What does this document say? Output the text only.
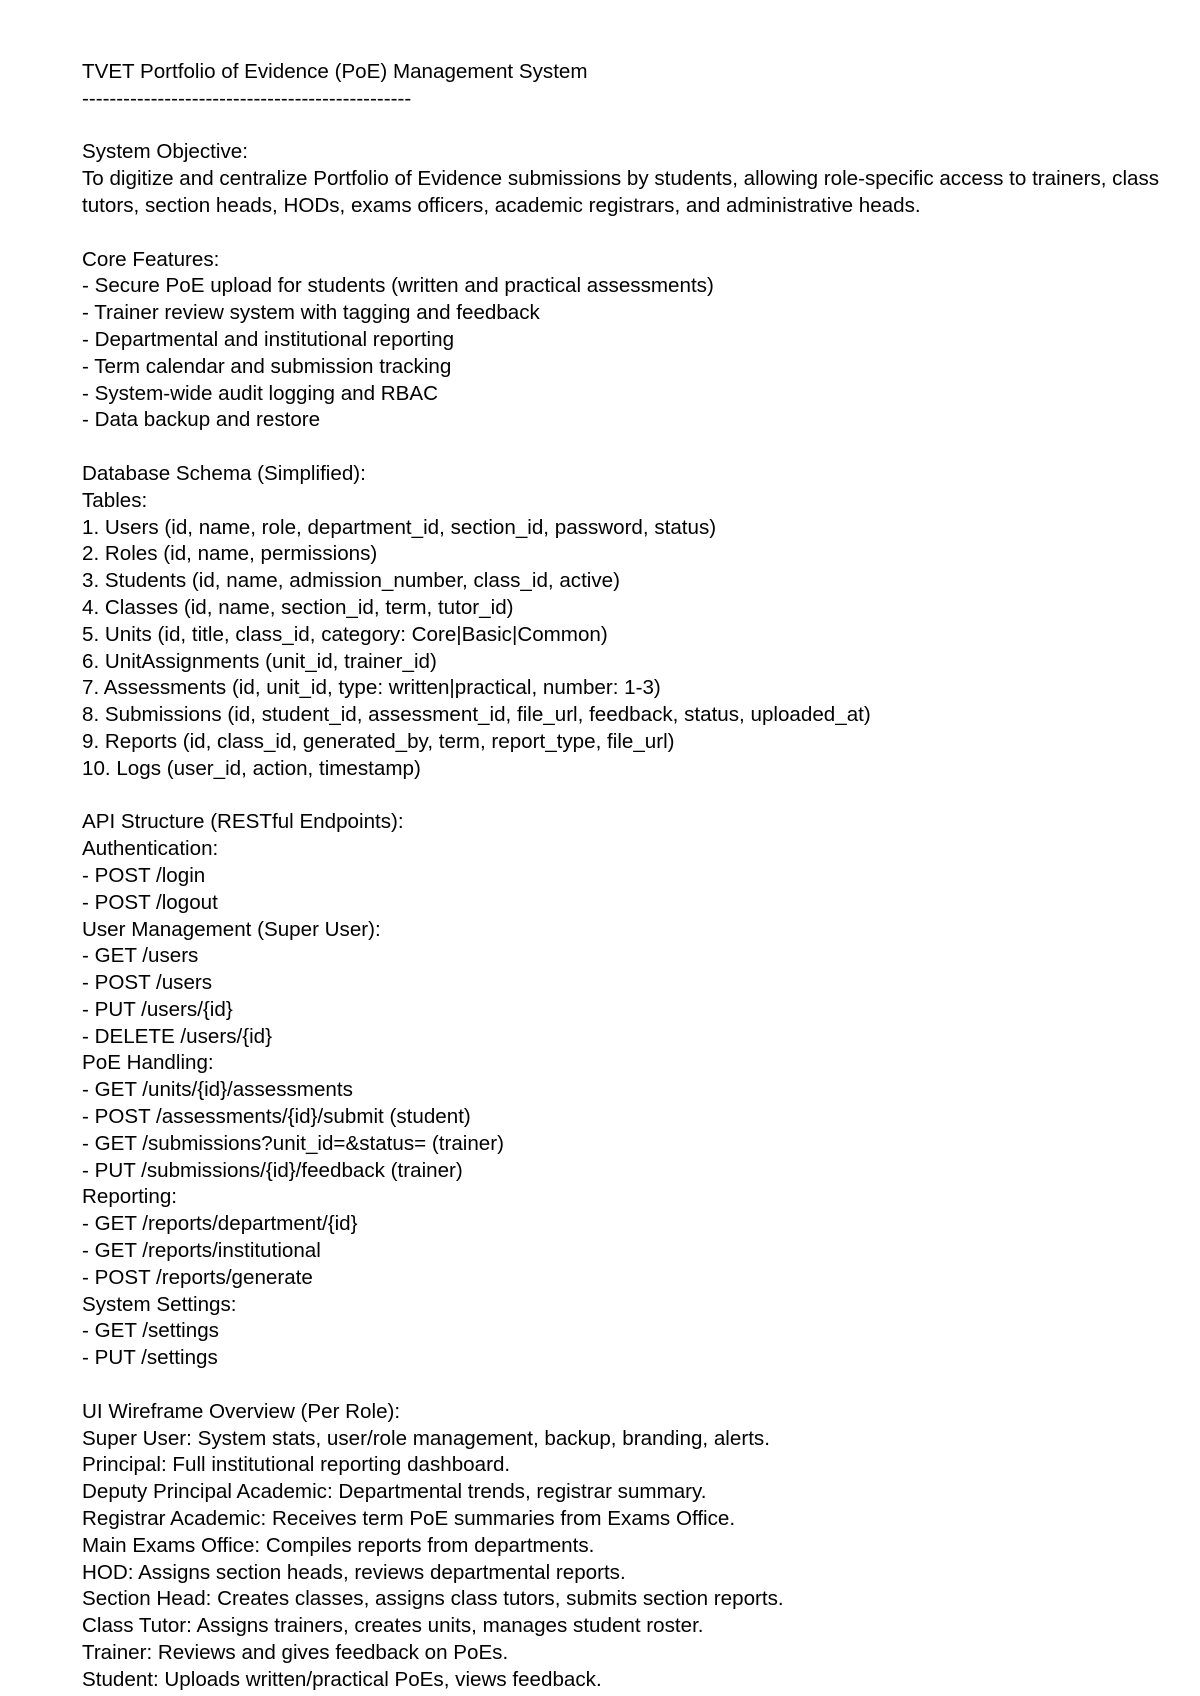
TVET Portfolio of Evidence (PoE) Management System
------------------------------------------------
System Objective:
To digitize and centralize Portfolio of Evidence submissions by students, allowing role-specific access to trainers, class tutors, section heads, HODs, exams officers, academic registrars, and administrative heads.
Core Features:
- Secure PoE upload for students (written and practical assessments)
- Trainer review system with tagging and feedback
- Departmental and institutional reporting
- Term calendar and submission tracking
- System-wide audit logging and RBAC
- Data backup and restore
Database Schema (Simplified):
Tables:
1. Users (id, name, role, department_id, section_id, password, status)
2. Roles (id, name, permissions)
3. Students (id, name, admission_number, class_id, active)
4. Classes (id, name, section_id, term, tutor_id)
5. Units (id, title, class_id, category: Core|Basic|Common)
6. UnitAssignments (unit_id, trainer_id)
7. Assessments (id, unit_id, type: written|practical, number: 1-3)
8. Submissions (id, student_id, assessment_id, file_url, feedback, status, uploaded_at)
9. Reports (id, class_id, generated_by, term, report_type, file_url)
10. Logs (user_id, action, timestamp)
API Structure (RESTful Endpoints):
Authentication:
- POST /login
- POST /logout
User Management (Super User):
- GET /users
- POST /users
- PUT /users/{id}
- DELETE /users/{id}
PoE Handling:
- GET /units/{id}/assessments
- POST /assessments/{id}/submit (student)
- GET /submissions?unit_id=&status= (trainer)
- PUT /submissions/{id}/feedback (trainer)
Reporting:
- GET /reports/department/{id}
- GET /reports/institutional
- POST /reports/generate
System Settings:
- GET /settings
- PUT /settings
UI Wireframe Overview (Per Role):
Super User: System stats, user/role management, backup, branding, alerts.
Principal: Full institutional reporting dashboard.
Deputy Principal Academic: Departmental trends, registrar summary.
Registrar Academic: Receives term PoE summaries from Exams Office.
Main Exams Office: Compiles reports from departments.
HOD: Assigns section heads, reviews departmental reports.
Section Head: Creates classes, assigns class tutors, submits section reports.
Class Tutor: Assigns trainers, creates units, manages student roster.
Trainer: Reviews and gives feedback on PoEs.
Student: Uploads written/practical PoEs, views feedback.
